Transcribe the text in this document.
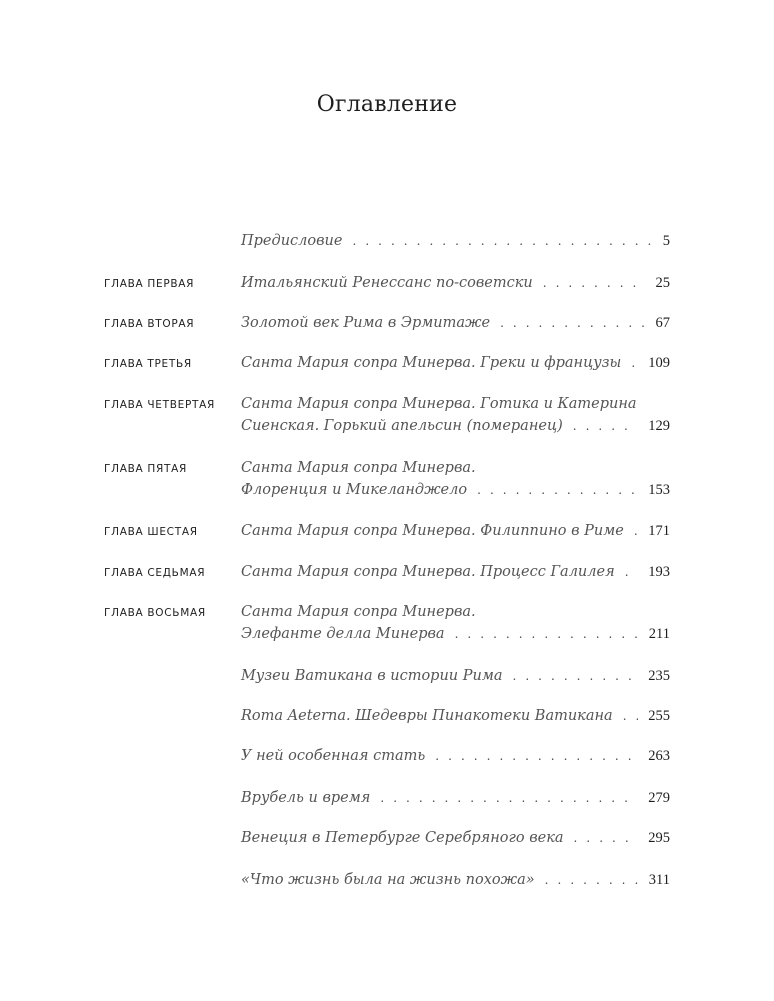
Оглавление
Предисловие . . .	5
ГЛАВА ПЕРВАЯ	Итальянский Ренессанс по-советски . . .	25
ГЛАВА ВТОРАЯ	Золотой век Рима в Эрмитаже . . .	67
ГЛАВА ТРЕТЬЯ	Санта Мария сопра Минерва. Греки и французы . . . 109
ГЛАВА ЧЕТВЕРТАЯ Санта Мария сопра Минерва. Готика и Катерина
Сиенская. Горький апельсин (померанец) . . .	129
ГЛАВА ПЯТАЯ	Санта Мария сопра Минерва.
Флоренция и Микеланджело . . .	153
ГЛАВА ШЕСТАЯ	Санта Мария сопра Минерва. Филиппино в Риме . . . 171
ГЛАВА СЕДЬМАЯ Санта Мария сопра Минерва. Процесс Галилея . . . 193
ГЛАВА ВОСЬМАЯ Санта Мария сопра Минерва.
Элефанте делла Минерва . . .	211
Музеи Ватикана в истории Рима . . .	235
Roma Aeterna. Шедевры Пинакотеки Ватикана . . . 255
У ней особенная стать . . .	263
Врубель и время . . .	279
Венеция в Петербурге Серебряного века . . .	295
«Что жизнь была на жизнь похожа» . . .	311
